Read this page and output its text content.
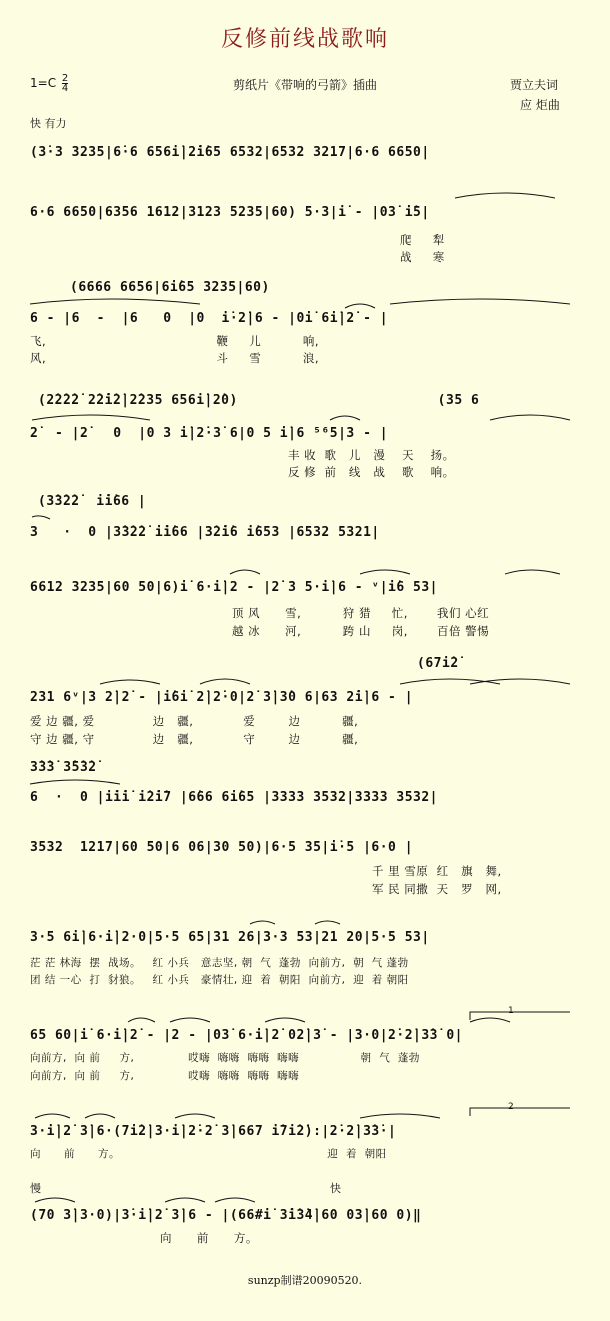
反修前线战歌响
$1=C \frac{2}{4}$	剪纸片《带响的弓箭》插曲	贾立夫词
应 炬曲
快 有力
(3̇·3 3235|6̇·6 656i̇|2̇i̇65 6532|6532 3217|6·6 6650|
6·6 6650|6356 1612|3123 5235|60) 5·3|i̇ - |03̇ i̇5|
爬     犁
战     寒
(6666 6656|6i̇65 3235|60)
6 - |6  -  |6   0  |0  i̇·2̇|6 - |0i̇ 6i̇|2̇ - |
飞,                                         鞭     儿          响,
风,                                         斗     雪          浪,
(2̇2̇2̇2̇ 2̇2̇i̇2̇|2̇235 656i̇|2̇0)                        (35 6
2̇  - |2̇   0  |0 3 i̇|2̇·3̇ 6|0 5 i̇|6 ⁵⁶5|3 - |
丰 收  歌   儿   漫    天    扬。
反 修  前   线   战    歌    响。
(3̇3̇2̇2̇  i̇i̇66 |
3   ·  0 |3̇3̇2̇2̇ i̇i̇66 |3̇2̇i̇6 i̇653 |6532 5321|
6612 3235|60 50|6)i̇ 6·i̇|2 - |2̇ 3 5·i̇|6 - ᵛ|i̇6 53|
顶 风      雪,          狩 猎     忙,       我们 心红
越 冰      河,          跨 山     岗,       百倍 警惕
(67i̇2̇
231 6ᵛ|3 2̇|2̇ - |i̇6i̇ 2̇|2̇·0|2̇ 3̇|3̇0 6|63 2̇i̇|6 - |
爱 边 疆, 爱              边   疆,            爱        边          疆,
守 边 疆, 守              边   疆,            守        边          疆,
3̇3̇3̇ 3̇5̇3̇2̇
6  ·  0 |i̇i̇i̇ i̇2̇i̇7 |6̇66 6i̇65 |3333 3532|3333 3532|
3532  1217|60 50|6 06|30 50)|6·5 35|i̇·5 |6·0 |
千 里 雪原  红   旗   舞,
军 民 同撒  天   罗   网,
3·5 6i̇|6·i̇|2·0|5·5 65|31 26|3·3 53|21 20|5·5 53|
茫 茫 林海  摆  战场。   红 小兵   意志坚, 朝  气  蓬勃  向前方,  朝  气 蓬勃
团 结 一心  打  豺狼。   红 小兵   豪情壮, 迎  着  朝阳  向前方,  迎  着 朝阳
65 60|i̇ 6·i̇|2̇ - |2 - |03̇ 6·i̇|2̇ 02̇|3̇ - |3·0|2̇·2̇|3̇3̇ 0|
向前方,  向 前     方,              哎嗨  嗨嗨  嗨嗨  嗨嗨                朝  气  蓬勃
向前方,  向 前     方,              哎嗨  嗨嗨  嗨嗨  嗨嗨
1
3·i̇|2̇ 3̇|6·(7i̇2̇|3·i̇|2̇·2̇ 3̇|667 i̇7i̇2̇):|2̇·2̇|3̇3̇·|
向      前      方。                                                      迎  着  朝阳
2
慢	快
(70 3̇|3·0)|3̇·i̇|2̇ 3̇|6 - |(66#i̇ 3̇i̇3̇4̇|60 03̇|60 0)‖
向      前      方。
sunzp制谱20090520.
